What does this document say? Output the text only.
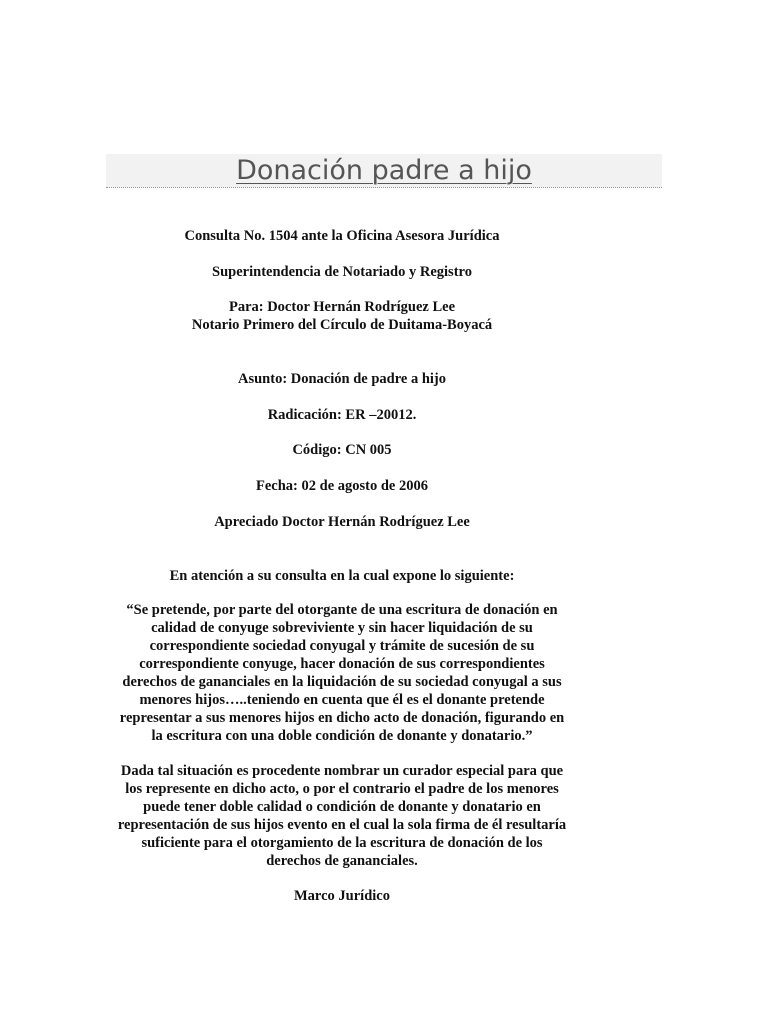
Donación padre a hijo
Consulta No. 1504 ante la Oficina Asesora Jurídica
Superintendencia de Notariado y Registro
Para: Doctor Hernán Rodríguez Lee
Notario Primero del Círculo de Duitama-Boyacá
Asunto: Donación de padre a hijo
Radicación: ER –20012.
Código: CN 005
Fecha: 02 de agosto de 2006
Apreciado Doctor Hernán Rodríguez Lee
En atención a su consulta en la cual expone lo siguiente:
“Se pretende, por parte del otorgante de una escritura de donación en
calidad de conyuge sobreviviente y sin hacer liquidación de su
correspondiente sociedad conyugal y trámite de sucesión de su
correspondiente conyuge, hacer donación de sus correspondientes
derechos de gananciales en la liquidación de su sociedad conyugal a sus
menores hijos…..teniendo en cuenta que él es el donante pretende
representar a sus menores hijos en dicho acto de donación, figurando en
la escritura con una doble condición de donante y donatario.”
Dada tal situación es procedente nombrar un curador especial para que
los represente en dicho acto, o por el contrario el padre de los menores
puede tener doble calidad o condición de donante y donatario en
representación de sus hijos evento en el cual la sola firma de él resultaría
suficiente para el otorgamiento de la escritura de donación de los
derechos de gananciales.
Marco Jurídico
